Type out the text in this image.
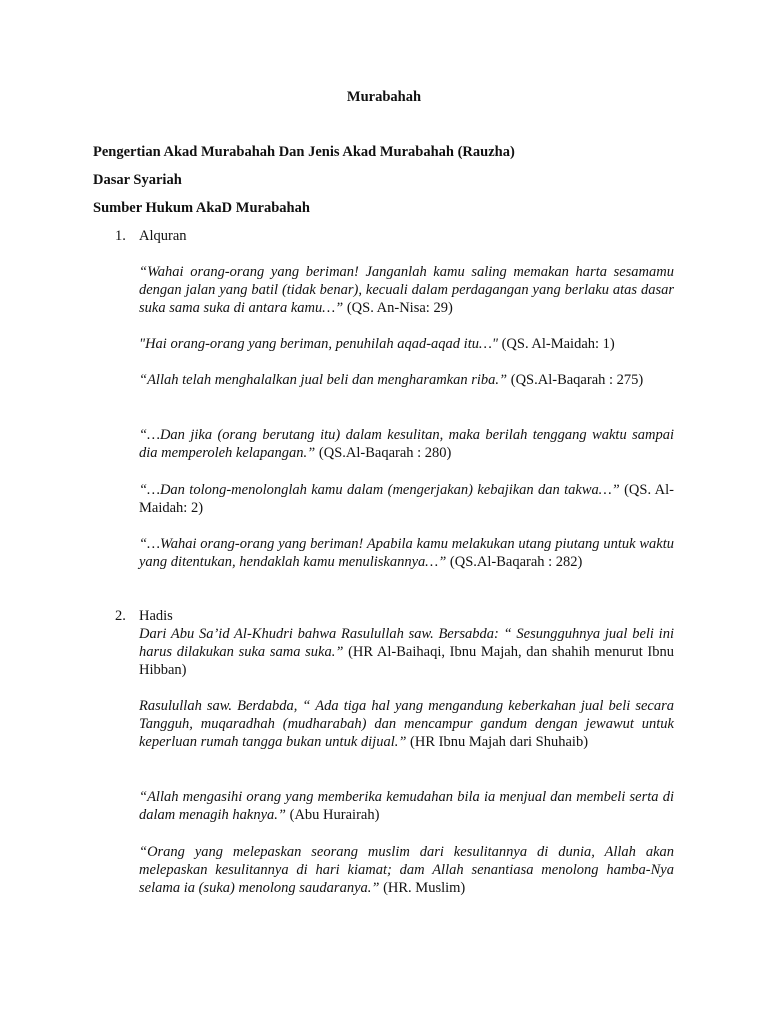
Murabahah
Pengertian Akad Murabahah Dan Jenis Akad Murabahah (Rauzha)
Dasar Syariah
Sumber Hukum AkaD Murabahah
1. Alquran
“Wahai orang-orang yang beriman! Janganlah kamu saling memakan harta sesamamu dengan jalan yang batil (tidak benar), kecuali dalam perdagangan yang berlaku atas dasar suka sama suka di antara kamu…” (QS. An-Nisa: 29)
"Hai orang-orang yang beriman, penuhilah aqad-aqad itu…" (QS. Al-Maidah: 1)
“Allah telah menghalalkan jual beli dan mengharamkan riba.” (QS.Al-Baqarah : 275)
“…Dan jika (orang berutang itu) dalam kesulitan, maka berilah tenggang waktu sampai dia memperoleh kelapangan.” (QS.Al-Baqarah : 280)
“…Dan tolong-menolonglah kamu dalam (mengerjakan) kebajikan dan takwa…” (QS. Al-Maidah: 2)
“…Wahai orang-orang yang beriman! Apabila kamu melakukan utang piutang untuk waktu yang ditentukan, hendaklah kamu menuliskannya…” (QS.Al-Baqarah : 282)
2. Hadis
Dari Abu Sa’id Al-Khudri bahwa Rasulullah saw. Bersabda: “ Sesungguhnya jual beli ini harus dilakukan suka sama suka.” (HR Al-Baihaqi, Ibnu Majah, dan shahih menurut Ibnu Hibban)
Rasulullah saw. Berdabda, “ Ada tiga hal yang mengandung keberkahan jual beli secara Tangguh, muqaradhah (mudharabah) dan mencampur gandum dengan jewawut untuk keperluan rumah tangga bukan untuk dijual.” (HR Ibnu Majah dari Shuhaib)
“Allah mengasihi orang yang memberika kemudahan bila ia menjual dan membeli serta di dalam menagih haknya.” (Abu Hurairah)
“Orang yang melepaskan seorang muslim dari kesulitannya di dunia, Allah akan melepaskan kesulitannya di hari kiamat; dam Allah senantiasa menolong hamba-Nya selama ia (suka) menolong saudaranya.” (HR. Muslim)
